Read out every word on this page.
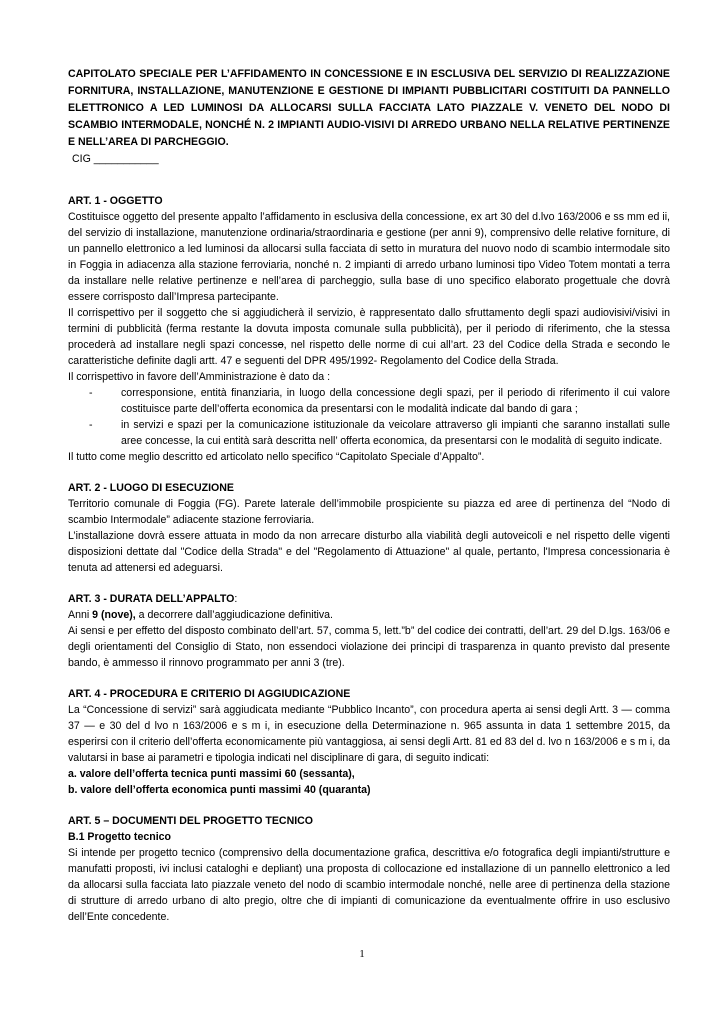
CAPITOLATO SPECIALE PER L’AFFIDAMENTO IN CONCESSIONE E IN ESCLUSIVA DEL SERVIZIO DI REALIZZAZIONE FORNITURA, INSTALLAZIONE, MANUTENZIONE E GESTIONE DI IMPIANTI PUBBLICITARI COSTITUITI DA PANNELLO ELETTRONICO A LED LUMINOSI DA ALLOCARSI SULLA FACCIATA LATO PIAZZALE V. VENETO DEL NODO DI SCAMBIO INTERMODALE, NONCHÉ N. 2 IMPIANTI AUDIO-VISIVI DI ARREDO URBANO NELLA RELATIVE PERTINENZE E NELL’AREA DI PARCHEGGIO.

CIG ___________

ART. 1 - OGGETTO

Costituisce oggetto del presente appalto l’affidamento in esclusiva della concessione, ex art 30 del d.lvo 163/2006 e ss mm ed ii, del servizio di installazione, manutenzione ordinaria/straordinaria e gestione (per anni 9), comprensivo delle relative forniture, di un pannello elettronico a led luminosi da allocarsi sulla facciata di setto in muratura del nuovo nodo di scambio intermodale sito in Foggia in adiacenza alla stazione ferroviaria, nonché n. 2 impianti di arredo urbano luminosi tipo Video Totem montati a terra da installare nelle relative pertinenze e nell’area di parcheggio, sulla base di uno specifico elaborato progettuale che dovrà essere corrisposto dall’Impresa partecipante.

Il corrispettivo per il soggetto che si aggiudicherà il servizio, è rappresentato dallo sfruttamento degli spazi audiovisivi/visivi in termini di pubblicità (ferma restante la dovuta imposta comunale sulla pubblicità), per il periodo di riferimento, che la stessa procederà ad installare negli spazi concesso, nel rispetto delle norme di cui all’art. 23 del Codice della Strada e secondo le caratteristiche definite dagli artt. 47 e seguenti del DPR 495/1992- Regolamento del Codice della Strada.

Il corrispettivo in favore dell’Amministrazione è dato da :

-	corresponsione, entità finanziaria, in luogo della concessione degli spazi, per il periodo di riferimento il cui valore costituisce parte dell’offerta economica da presentarsi con le modalità indicate dal bando di gara ;
-	in servizi e spazi per la comunicazione istituzionale da veicolare attraverso gli impianti che saranno installati sulle aree concesse, la cui entità sarà descritta nell’ offerta economica, da presentarsi con le modalità di seguito indicate.

Il tutto come meglio descritto ed articolato nello specifico “Capitolato Speciale d’Appalto”.

ART. 2 - LUOGO DI ESECUZIONE

Territorio comunale di Foggia (FG). Parete laterale dell’immobile prospiciente su piazza ed aree di pertinenza del “Nodo di scambio Intermodale” adiacente stazione ferroviaria.

L’installazione dovrà essere attuata in modo da non arrecare disturbo alla viabilità degli autoveicoli e nel rispetto delle vigenti disposizioni dettate dal "Codice della Strada" e del "Regolamento di Attuazione" al quale, pertanto, l'Impresa concessionaria è tenuta ad attenersi ed adeguarsi.

ART. 3 - DURATA DELL’APPALTO:

Anni 9 (nove), a decorrere dall’aggiudicazione definitiva.

Ai sensi e per effetto del disposto combinato dell’art. 57, comma 5, lett.”b” del codice dei contratti, dell’art. 29 del D.lgs. 163/06 e degli orientamenti del Consiglio di Stato, non essendoci violazione dei principi di trasparenza in quanto previsto dal presente bando, è ammesso il rinnovo programmato per anni 3 (tre).

ART. 4 - PROCEDURA E CRITERIO DI AGGIUDICAZIONE

La “Concessione di servizi” sarà aggiudicata mediante “Pubblico Incanto”, con procedura aperta ai sensi degli Artt. 3 — comma 37 — e 30 del d lvo n 163/2006 e s m i, in esecuzione della Determinazione n. 965 assunta in data 1 settembre 2015, da esperirsi con il criterio dell’offerta economicamente più vantaggiosa, ai sensi degli Artt. 81 ed 83 del d. lvo n 163/2006 e s m i, da valutarsi in base ai parametri e tipologia indicati nel disciplinare di gara, di seguito indicati:

a. valore dell’offerta tecnica punti massimi 60 (sessanta),

b. valore dell’offerta economica punti massimi 40 (quaranta)

ART. 5 – DOCUMENTI DEL PROGETTO TECNICO

B.1 Progetto tecnico

Si intende per progetto tecnico (comprensivo della documentazione grafica, descrittiva e/o fotografica degli impianti/strutture e manufatti proposti, ivi inclusi cataloghi e depliant) una proposta di collocazione ed installazione di un pannello elettronico a led da allocarsi sulla facciata lato piazzale veneto del nodo di scambio intermodale nonché, nelle aree di pertinenza della stazione di strutture di arredo urbano di alto pregio, oltre che di impianti di comunicazione da eventualmente offrire in uso esclusivo dell’Ente concedente.

1
